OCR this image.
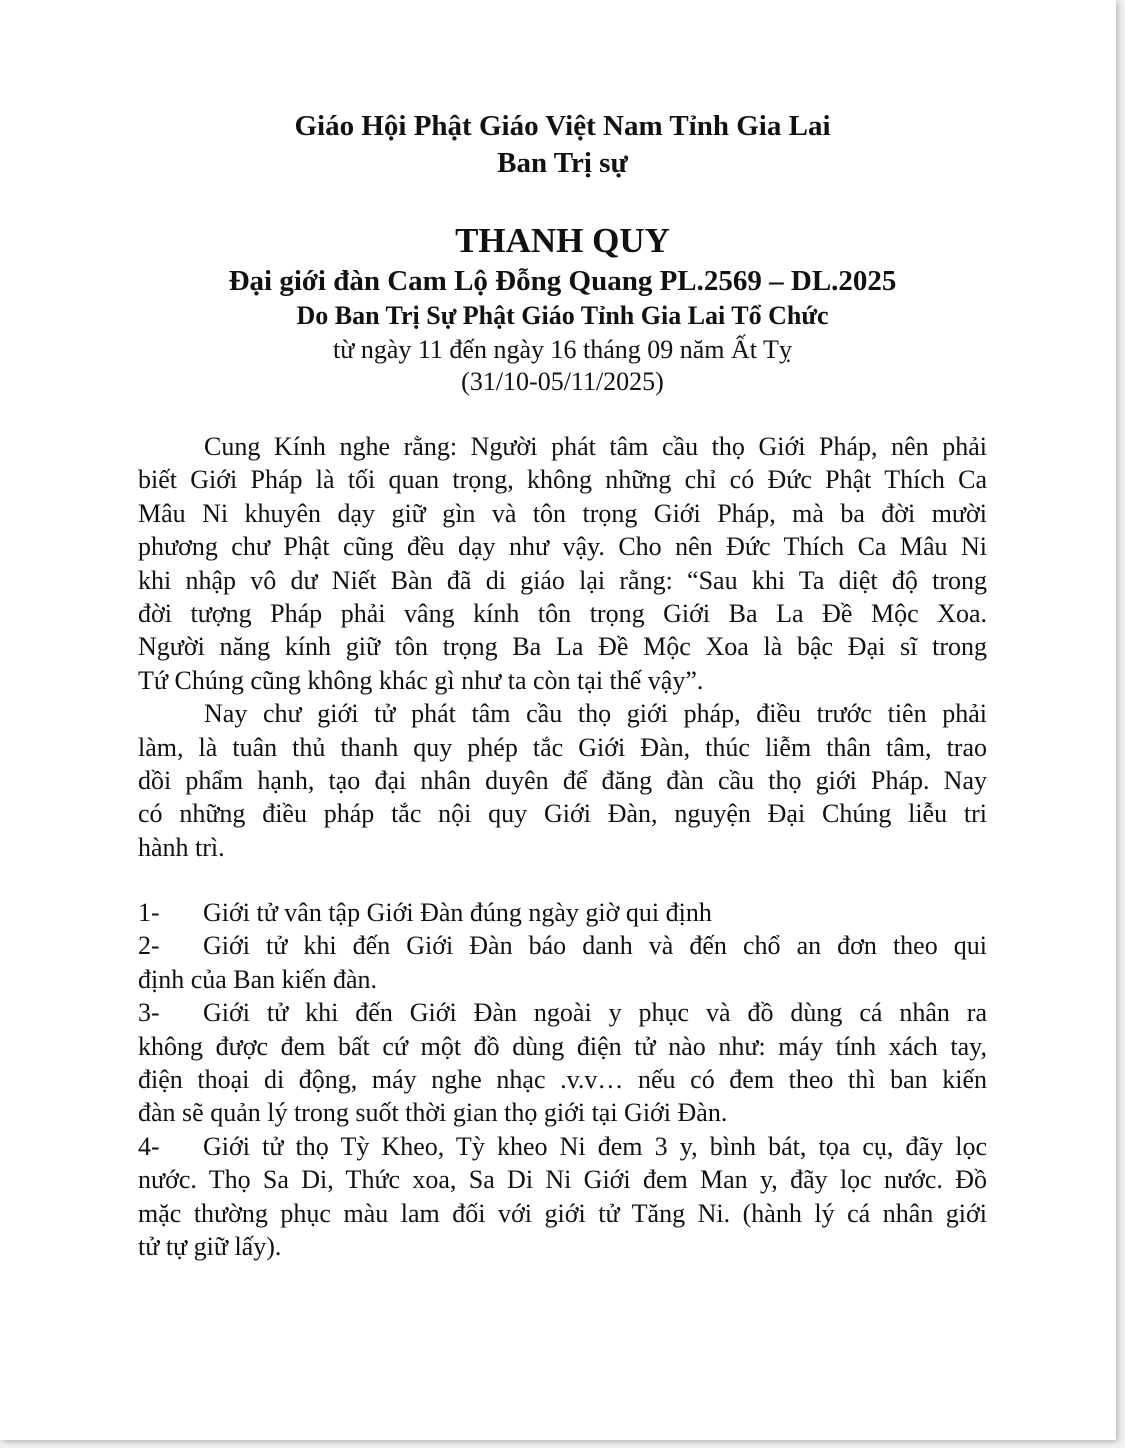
Giáo Hội Phật Giáo Việt Nam Tỉnh Gia Lai
Ban Trị sự
THANH QUY
Đại giới đàn Cam Lộ Đỗng Quang PL.2569 – DL.2025
Do Ban Trị Sự Phật Giáo Tỉnh Gia Lai Tổ Chức
từ ngày 11 đến ngày 16 tháng 09 năm Ất Tỵ
(31/10-05/11/2025)
Cung Kính nghe rằng: Người phát tâm cầu thọ Giới Pháp, nên phải
biết Giới Pháp là tối quan trọng, không những chỉ có Đức Phật Thích Ca
Mâu Ni khuyên dạy giữ gìn và tôn trọng Giới Pháp, mà ba đời mười
phương chư Phật cũng đều dạy như vậy. Cho nên Đức Thích Ca Mâu Ni
khi nhập vô dư Niết Bàn đã di giáo lại rằng: “Sau khi Ta diệt độ trong
đời tượng Pháp phải vâng kính tôn trọng Giới Ba La Đề Mộc Xoa.
Người năng kính giữ tôn trọng Ba La Đề Mộc Xoa là bậc Đại sĩ trong
Tứ Chúng cũng không khác gì như ta còn tại thế vậy”.
Nay chư giới tử phát tâm cầu thọ giới pháp, điều trước tiên phải
làm, là tuân thủ thanh quy phép tắc Giới Đàn, thúc liễm thân tâm, trao
dồi phẩm hạnh, tạo đại nhân duyên để đăng đàn cầu thọ giới Pháp. Nay
có những điều pháp tắc nội quy Giới Đàn, nguyện Đại Chúng liễu tri
hành trì.
1-	Giới tử vân tập Giới Đàn đúng ngày giờ qui định
2-	Giới tử khi đến Giới Đàn báo danh và đến chổ an đơn theo qui
định của Ban kiến đàn.
3-	Giới tử khi đến Giới Đàn ngoài y phục và đồ dùng cá nhân ra
không được đem bất cứ một đồ dùng điện tử nào như: máy tính xách tay,
điện thoại di động, máy nghe nhạc .v.v… nếu có đem theo thì ban kiến
đàn sẽ quản lý trong suốt thời gian thọ giới tại Giới Đàn.
4-	Giới tử thọ Tỳ Kheo, Tỳ kheo Ni đem 3 y, bình bát, tọa cụ, đãy lọc
nước. Thọ Sa Di, Thức xoa, Sa Di Ni Giới đem Man y, đãy lọc nước. Đồ
mặc thường phục màu lam đối với giới tử Tăng Ni. (hành lý cá nhân giới
tử tự giữ lấy).
